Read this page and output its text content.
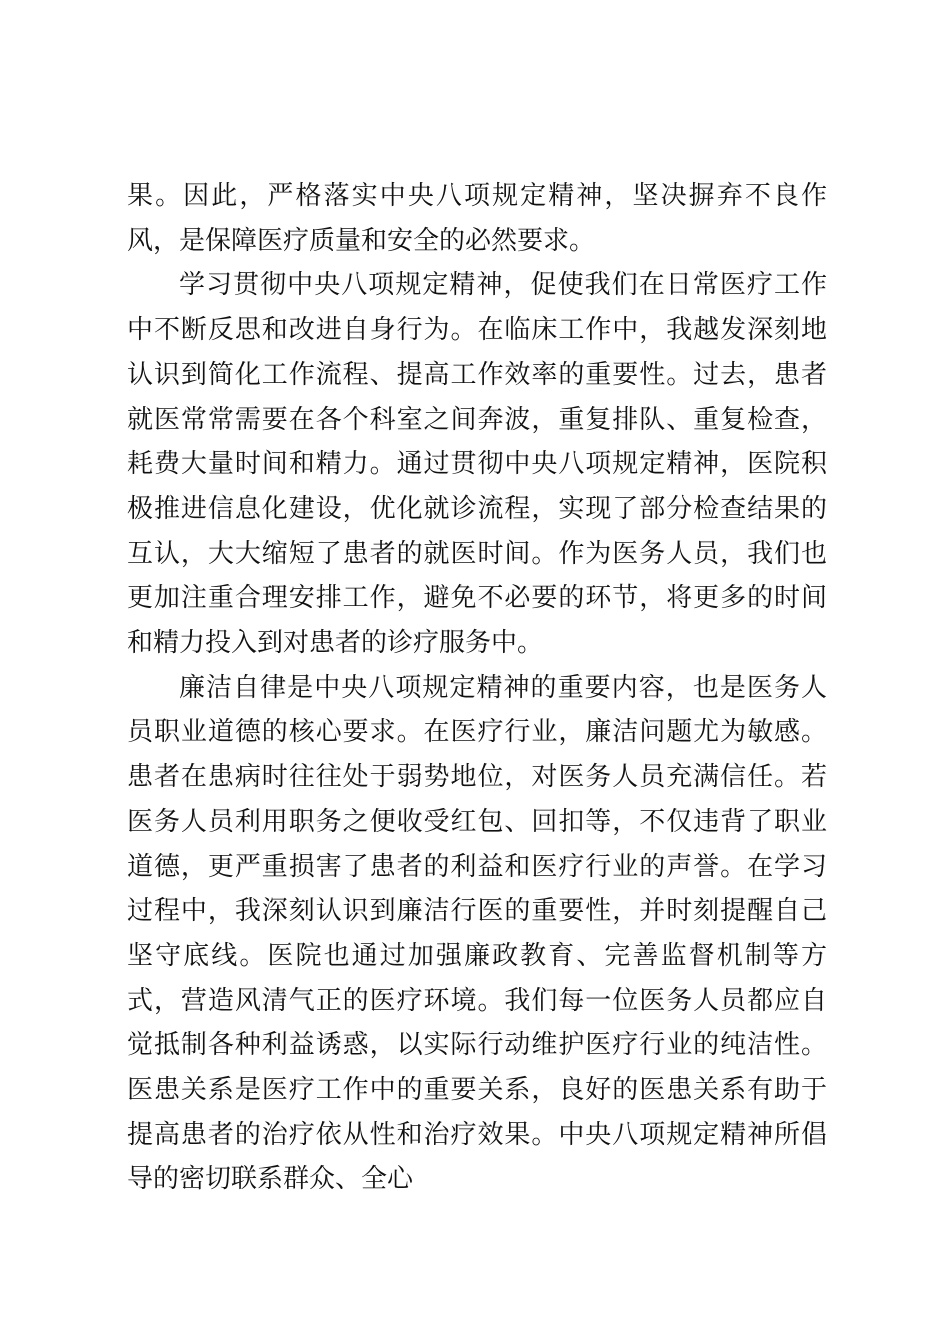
果。因此，严格落实中央八项规定精神，坚决摒弃不良作风，是保障医疗质量和安全的必然要求。

学习贯彻中央八项规定精神，促使我们在日常医疗工作中不断反思和改进自身行为。在临床工作中，我越发深刻地认识到简化工作流程、提高工作效率的重要性。过去，患者就医常常需要在各个科室之间奔波，重复排队、重复检查，耗费大量时间和精力。通过贯彻中央八项规定精神，医院积极推进信息化建设，优化就诊流程，实现了部分检查结果的互认，大大缩短了患者的就医时间。作为医务人员，我们也更加注重合理安排工作，避免不必要的环节，将更多的时间和精力投入到对患者的诊疗服务中。

廉洁自律是中央八项规定精神的重要内容，也是医务人员职业道德的核心要求。在医疗行业，廉洁问题尤为敏感。患者在患病时往往处于弱势地位，对医务人员充满信任。若医务人员利用职务之便收受红包、回扣等，不仅违背了职业道德，更严重损害了患者的利益和医疗行业的声誉。在学习过程中，我深刻认识到廉洁行医的重要性，并时刻提醒自己坚守底线。医院也通过加强廉政教育、完善监督机制等方式，营造风清气正的医疗环境。我们每一位医务人员都应自觉抵制各种利益诱惑，以实际行动维护医疗行业的纯洁性。医患关系是医疗工作中的重要关系，良好的医患关系有助于提高患者的治疗依从性和治疗效果。中央八项规定精神所倡导的密切联系群众、全心
